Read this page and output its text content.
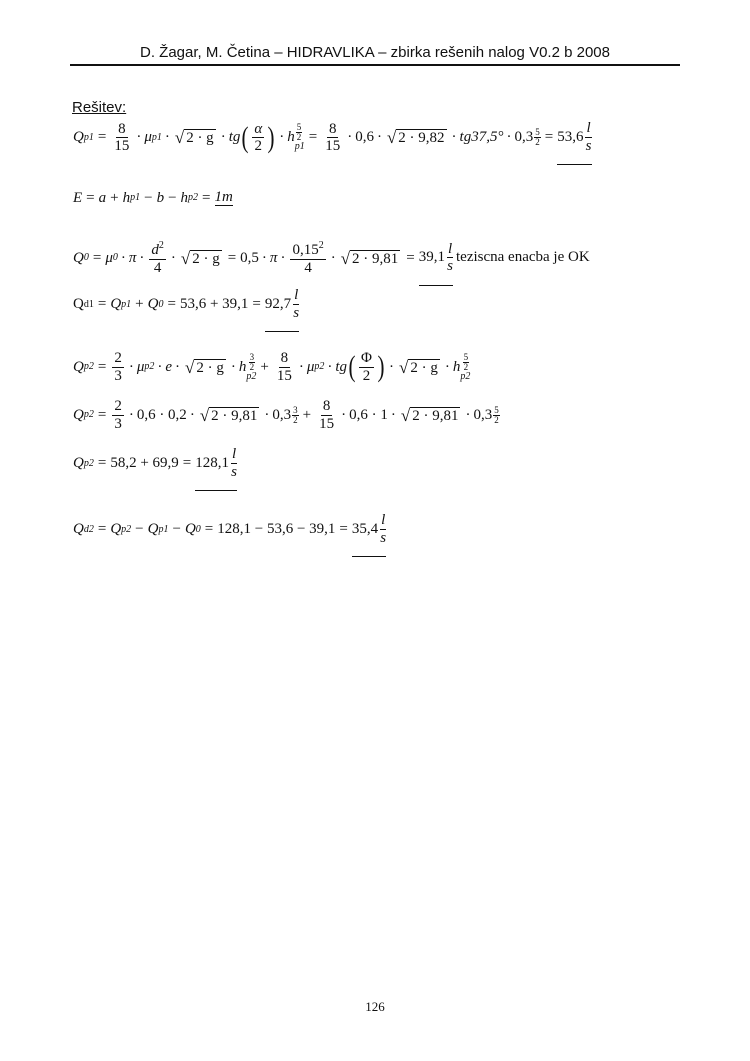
D. Žagar, M. Četina – HIDRAVLIKA – zbirka rešenih nalog V0.2 b 2008
Rešitev:
Q $p1 = \frac{8}{15} \cdot \mu$ p1 · √ 2 · g · tg ( $\frac{\alpha}{2}$ ) · h $\frac{5}{2}$
p1
= $\frac{8}{15} \cdot 0,6$ · √ $2 \cdot 9,82 \cdot tg37,5^\circ \cdot 0,3 \frac{5}{2} = 53,6 \frac{l}{s}$
E = a + h p1 − b − h p2 = 1m
Q 0 = μ $0 \cdot \pi \cdot \frac{d^2}{4}$ · √ $2 \cdot g = 0,5 \cdot \pi \cdot \frac{0,15^2}{4}$ · √ $2 \cdot 9,81 = 39,1 \frac{l}{s}$ teziscna enacba je OK
Q d1 = Q p1 + Q $0 = 53,6 + 39,1 = 92,7 \frac{l}{s}$
Q $p2 = \frac{2}{3} \cdot \mu$ p2 · e · √ 2 · g · h $\frac{3}{2}$
p2
+ $\frac{8}{15} \cdot \mu$ p2 · tg ( $\frac{\Phi}{2}$ ) · √ 2 · g · h $\frac{5}{2}$
p2
Q $p2 = \frac{2}{3} \cdot 0,6 \cdot 0,2$ · √ $2 \cdot 9,81 \cdot 0,3 \frac{3}{2} + \frac{8}{15} \cdot 0,6 \cdot 1$ · √ $2 \cdot 9,81 \cdot 0,3 \frac{5}{2}$
Q $p2 = 58,2 + 69,9 = 128,1 \frac{l}{s}$
Q d2 = Q p2 − Q p1 − Q $0 = 128,1 - 53,6 - 39,1 = 35,4 \frac{l}{s}$
126
